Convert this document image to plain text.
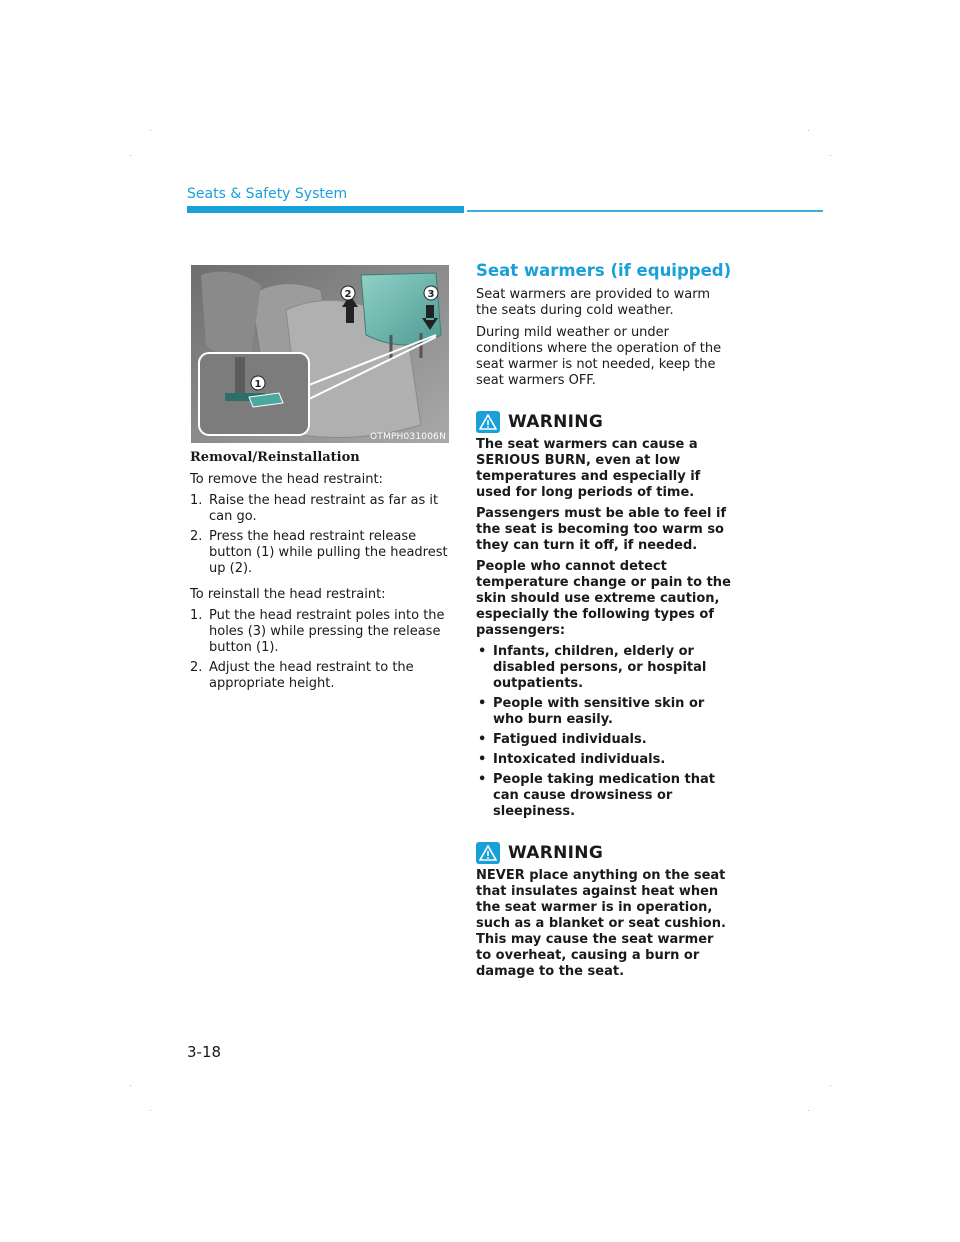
Seats & Safety System
2	3
1
OTMPH031006N
Removal/Reinstallation

To remove the head restraint:

1. Raise the head restraint as far as it can go.
2. Press the head restraint release button (1) while pulling the headrest up (2).

To reinstall the head restraint:

1. Put the head restraint poles into the holes (3) while pressing the release button (1).
2. Adjust the head restraint to the appropriate height.
Seat warmers (if equipped)

Seat warmers are provided to warm the seats during cold weather.

During mild weather or under conditions where the operation of the seat warmer is not needed, keep the seat warmers OFF.

WARNING

The seat warmers can cause a SERIOUS BURN, even at low temperatures and especially if used for long periods of time.

Passengers must be able to feel if the seat is becoming too warm so they can turn it off, if needed.

People who cannot detect temperature change or pain to the skin should use extreme caution, especially the following types of passengers:

• Infants, children, elderly or disabled persons, or hospital outpatients.
• People with sensitive skin or who burn easily.
• Fatigued individuals.
• Intoxicated individuals.
• People taking medication that can cause drowsiness or sleepiness.
WARNING

NEVER place anything on the seat that insulates against heat when the seat warmer is in operation, such as a blanket or seat cushion. This may cause the seat warmer to overheat, causing a burn or damage to the seat.

3-18
